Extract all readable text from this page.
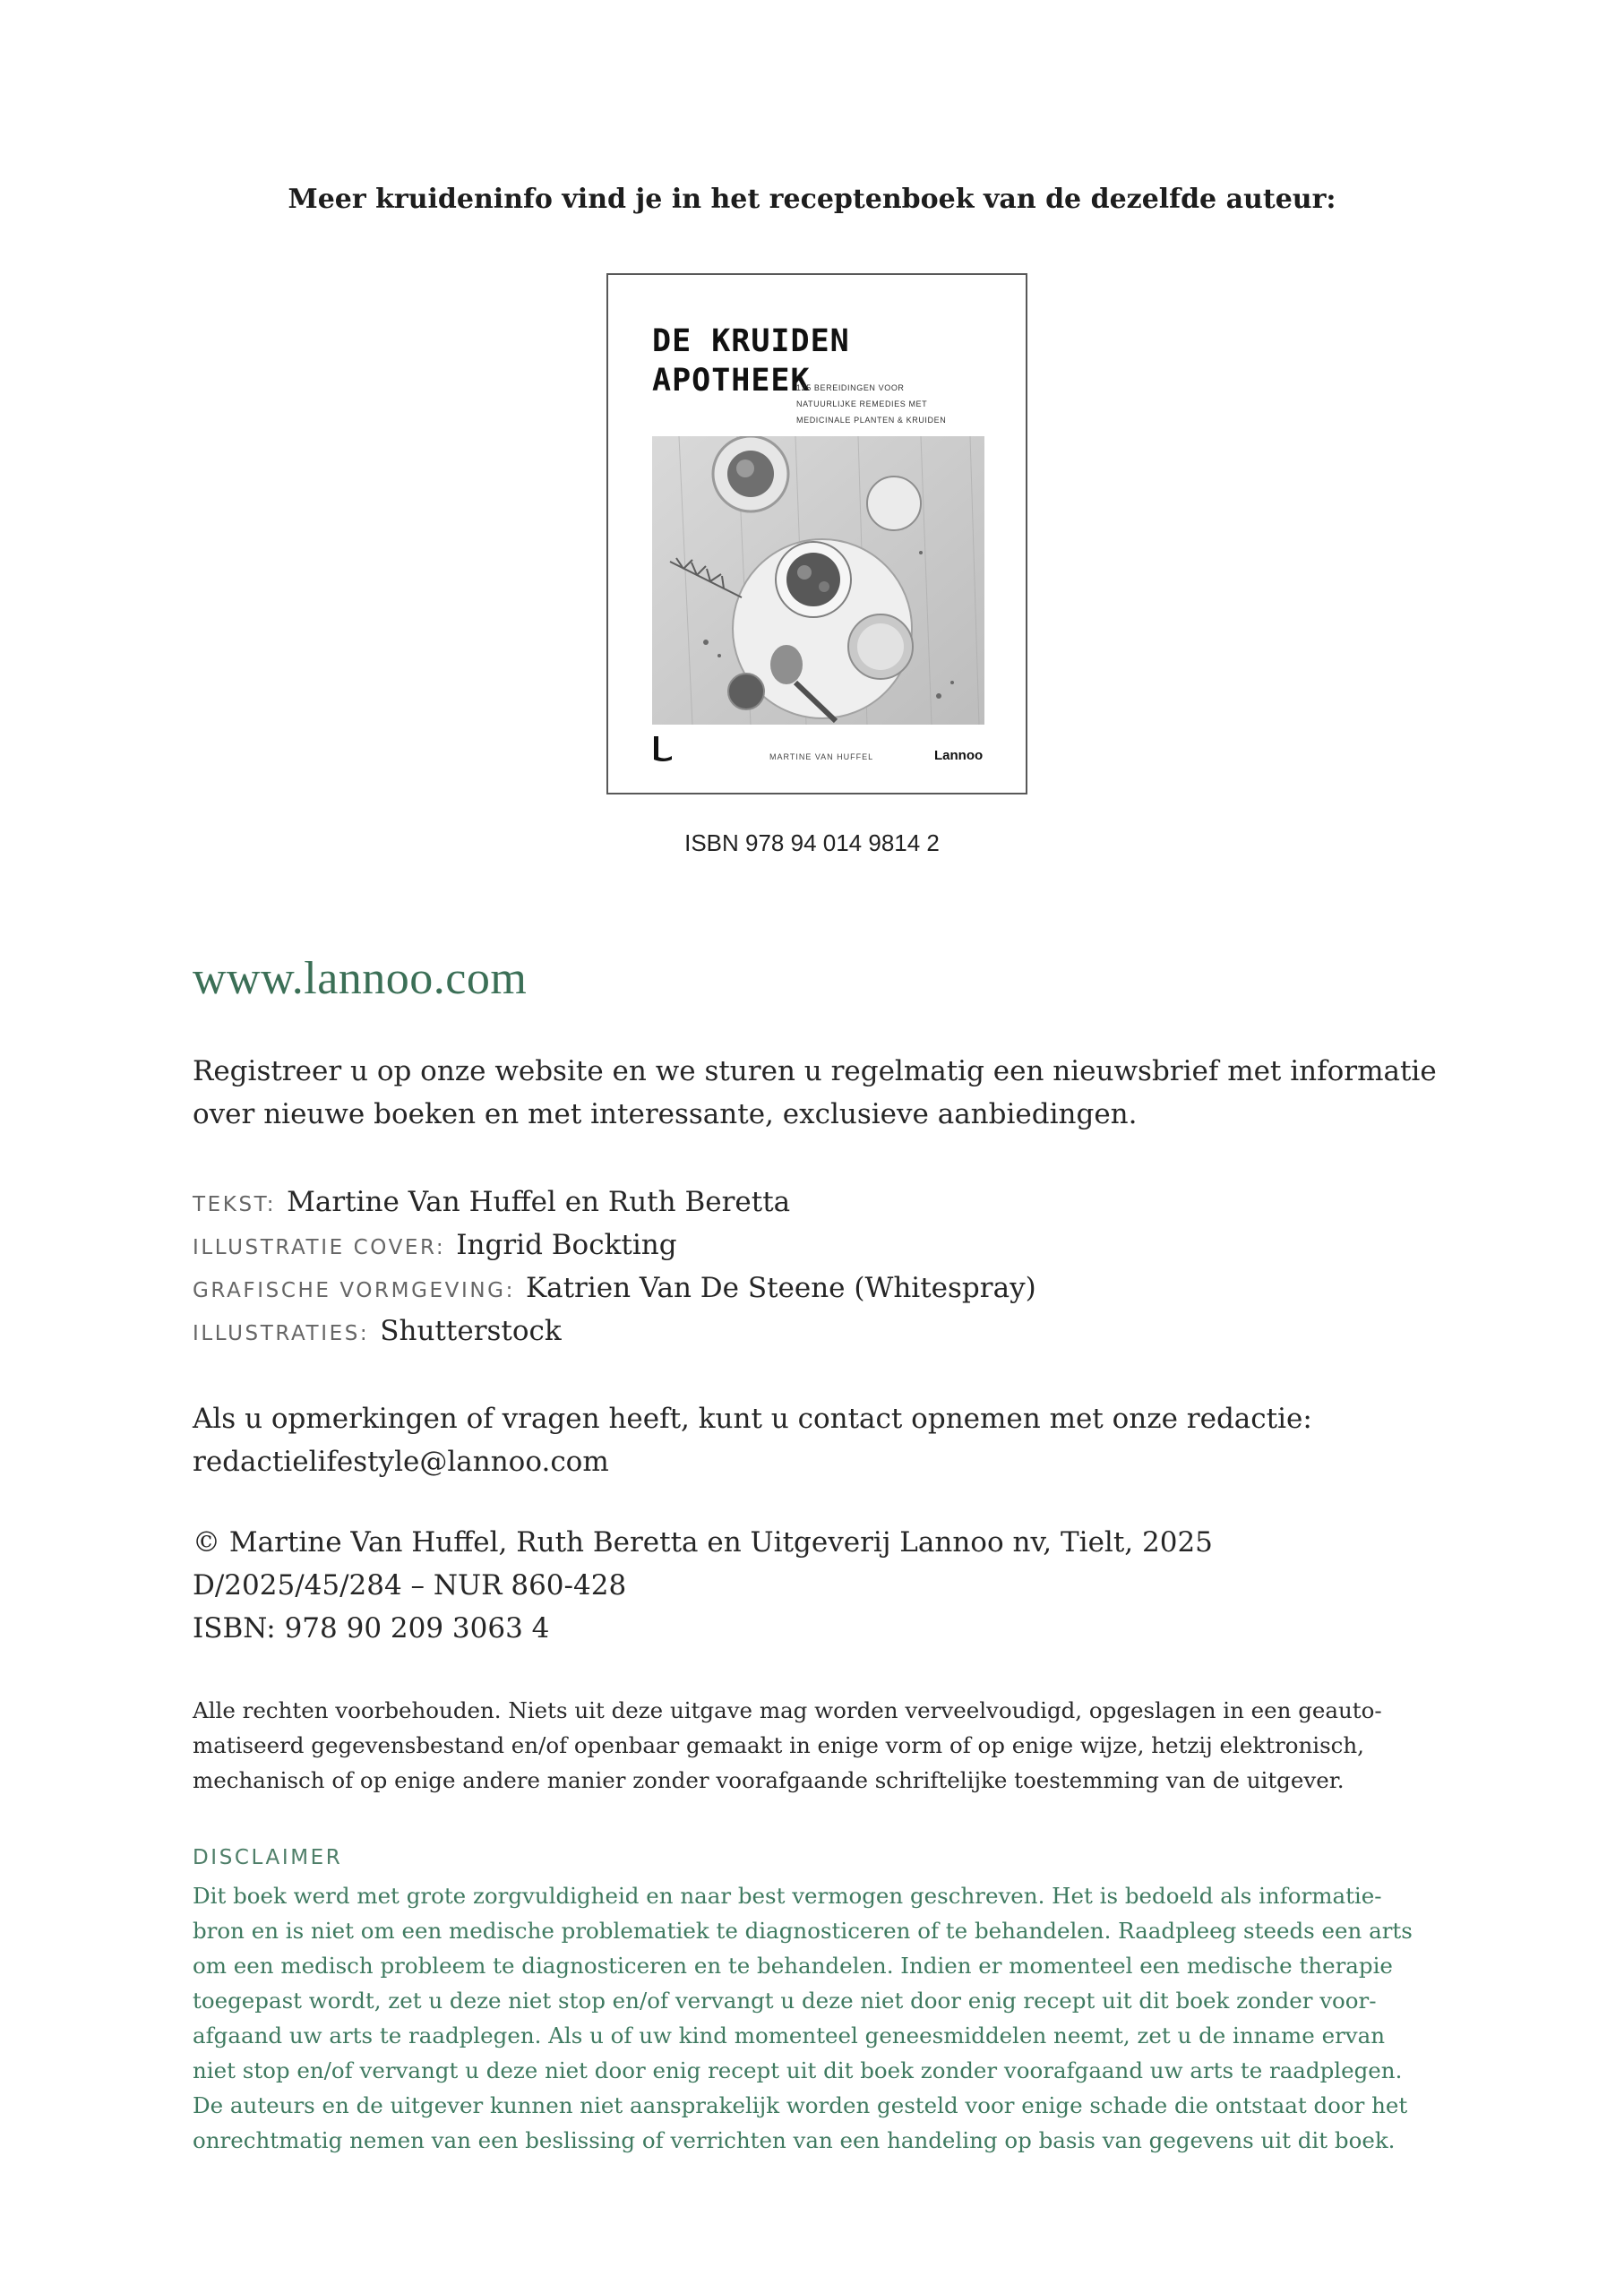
Meer kruideninfo vind je in het receptenboek van de dezelfde auteur:
DE KRUIDEN
APOTHEEK
125 BEREIDINGEN VOOR
NATUURLIJKE REMEDIES MET
MEDICINALE PLANTEN & KRUIDEN
MARTINE VAN HUFFEL	Lannoo
ISBN 978 94 014 9814 2
www.lannoo.com
Registreer u op onze website en we sturen u regelmatig een nieuwsbrief met informatie
over nieuwe boeken en met interessante, exclusieve aanbiedingen.
TEKST: Martine Van Huffel en Ruth Beretta
ILLUSTRATIE COVER: Ingrid Bockting
GRAFISCHE VORMGEVING: Katrien Van De Steene (Whitespray)
ILLUSTRATIES: Shutterstock
Als u opmerkingen of vragen heeft, kunt u contact opnemen met onze redactie:
redactielifestyle@lannoo.com
© Martine Van Huffel, Ruth Beretta en Uitgeverij Lannoo nv, Tielt, 2025
D/2025/45/284 – NUR 860-428
ISBN: 978 90 209 3063 4
Alle rechten voorbehouden. Niets uit deze uitgave mag worden verveelvoudigd, opgeslagen in een geauto-
matiseerd gegevensbestand en/of openbaar gemaakt in enige vorm of op enige wijze, hetzij elektronisch,
mechanisch of op enige andere manier zonder voorafgaande schriftelijke toestemming van de uitgever.
DISCLAIMER
Dit boek werd met grote zorgvuldigheid en naar best vermogen geschreven. Het is bedoeld als informatie-
bron en is niet om een medische problematiek te diagnosticeren of te behandelen. Raadpleeg steeds een arts
om een medisch probleem te diagnosticeren en te behandelen. Indien er momenteel een medische therapie
toegepast wordt, zet u deze niet stop en/of vervangt u deze niet door enig recept uit dit boek zonder voor-
afgaand uw arts te raadplegen. Als u of uw kind momenteel geneesmiddelen neemt, zet u de inname ervan
niet stop en/of vervangt u deze niet door enig recept uit dit boek zonder voorafgaand uw arts te raadplegen.
De auteurs en de uitgever kunnen niet aansprakelijk worden gesteld voor enige schade die ontstaat door het
onrechtmatig nemen van een beslissing of verrichten van een handeling op basis van gegevens uit dit boek.
